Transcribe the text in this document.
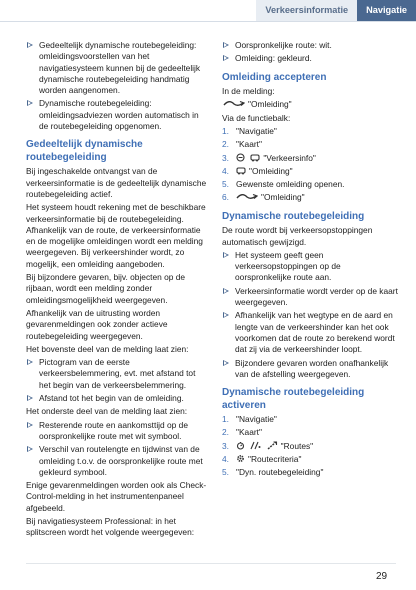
Verkeersinformatie	Navigatie
Gedeeltelijk dynamische routebegeleiding: omleidingsvoorstellen van het navigatiesysteem kunnen bij de gedeeltelijk dynamische routebegeleiding handmatig worden aangenomen.
Dynamische routebegeleiding: omleidingsadviezen worden automatisch in de routebegeleiding opgenomen.
Gedeeltelijk dynamische routebegeleiding

Bij ingeschakelde ontvangst van de verkeersinformatie is de gedeeltelijk dynamische routebegeleiding actief.

Het systeem houdt rekening met de beschikbare verkeersinformatie bij de routebegeleiding. Afhankelijk van de route, de verkeersinformatie en de mogelijke omleidingen wordt een melding weergegeven. Bij verkeershinder wordt, zo mogelijk, een omleiding aangeboden.

Bij bijzondere gevaren, bijv. objecten op de rijbaan, wordt een melding zonder omleidingsmogelijkheid weergegeven.

Afhankelijk van de uitrusting worden gevarenmeldingen ook zonder actieve routebegeleiding weergegeven.

Het bovenste deel van de melding laat zien:

Pictogram van de eerste verkeersbelemmering, evt. met afstand tot het begin van de verkeersbelemmering.
Afstand tot het begin van de omleiding.

Het onderste deel van de melding laat zien:

Resterende route en aankomsttijd op de oorspronkelijke route met wit symbool.
Verschil van routelengte en tijdwinst van de omleiding t.o.v. de oorspronkelijke route met gekleurd symbool.

Enige gevarenmeldingen worden ook als Check-Control-melding in het instrumentenpaneel afgebeeld.

Bij navigatiesysteem Professional: in het splitscreen wordt het volgende weergegeven:

Oorspronkelijke route: wit.
Omleiding: gekleurd.
Omleiding accepteren

In de melding:

"Omleiding"

Via de functiebalk:

1. "Navigatie"
2. "Kaart"
3.	"Verkeersinfo"
4. "Omleiding"
5. Gewenste omleiding openen.
6.	"Omleiding"
Dynamische routebegeleiding

De route wordt bij verkeersopstoppingen automatisch gewijzigd.

Het systeem geeft geen verkeersopstoppingen op de oorspronkelijke route aan.
Verkeersinformatie wordt verder op de kaart weergegeven.
Afhankelijk van het wegtype en de aard en lengte van de verkeershinder kan het ook voorkomen dat de route zo berekend wordt dat zij via de verkeershinder loopt.
Bijzondere gevaren worden onafhankelijk van de afstelling weergegeven.
Dynamische routebegeleiding activeren
1. "Navigatie"
2. "Kaart"
3.	"Routes"
4. "Routecriteria"
5. "Dyn. routebegeleiding"
29
